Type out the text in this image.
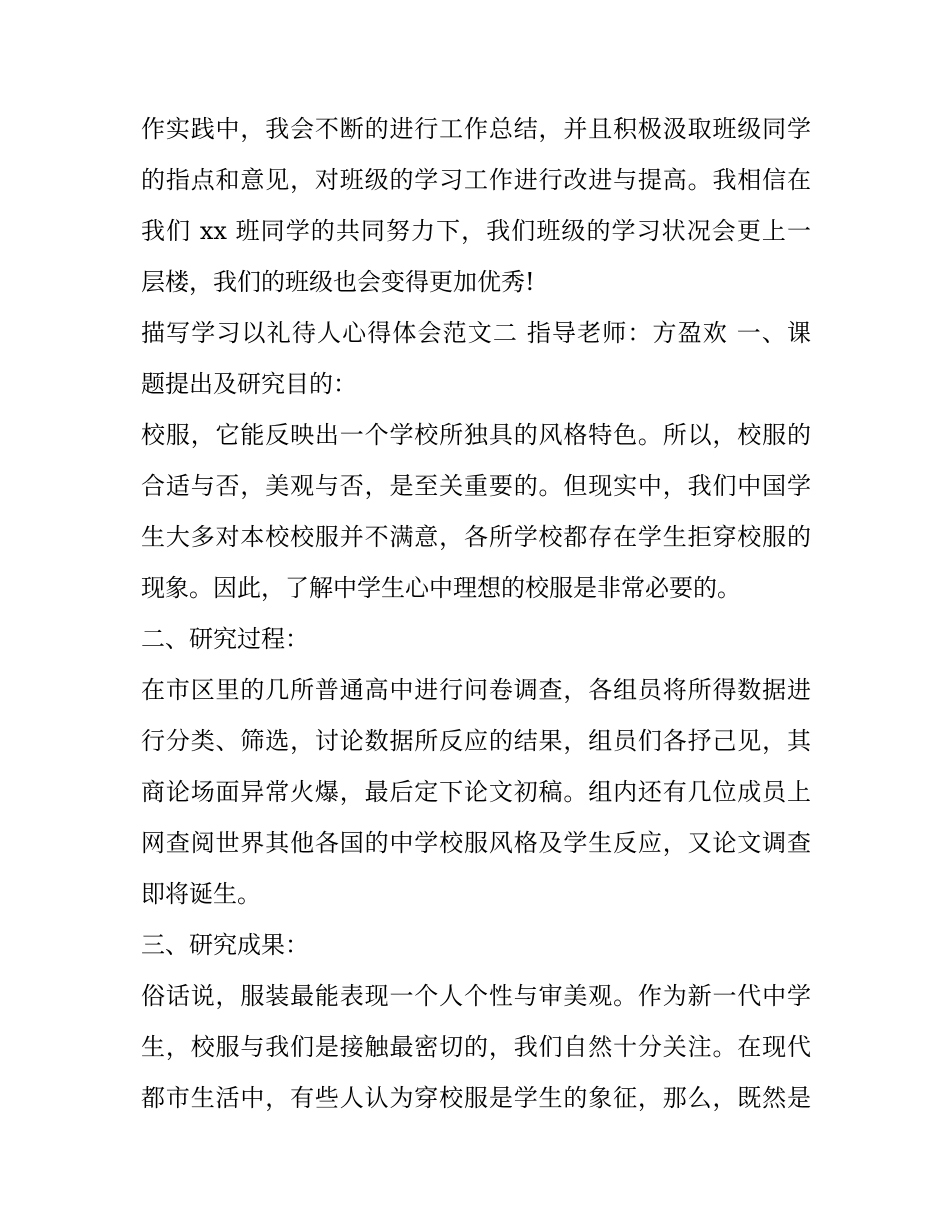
作实践中，我会不断的进行工作总结，并且积极汲取班级同学
的指点和意见，对班级的学习工作进行改进与提高。我相信在
我们 xx 班同学的共同努力下，我们班级的学习状况会更上一
层楼，我们的班级也会变得更加优秀!
描写学习以礼待人心得体会范文二 指导老师：方盈欢 一、课
题提出及研究目的：
校服，它能反映出一个学校所独具的风格特色。所以，校服的
合适与否，美观与否，是至关重要的。但现实中，我们中国学
生大多对本校校服并不满意，各所学校都存在学生拒穿校服的
现象。因此，了解中学生心中理想的校服是非常必要的。
二、研究过程：
在市区里的几所普通高中进行问卷调查，各组员将所得数据进
行分类、筛选，讨论数据所反应的结果，组员们各抒己见，其
商论场面异常火爆，最后定下论文初稿。组内还有几位成员上
网查阅世界其他各国的中学校服风格及学生反应，又论文调查
即将诞生。
三、研究成果：
俗话说，服装最能表现一个人个性与审美观。作为新一代中学
生，校服与我们是接触最密切的，我们自然十分关注。在现代
都市生活中，有些人认为穿校服是学生的象征，那么，既然是
